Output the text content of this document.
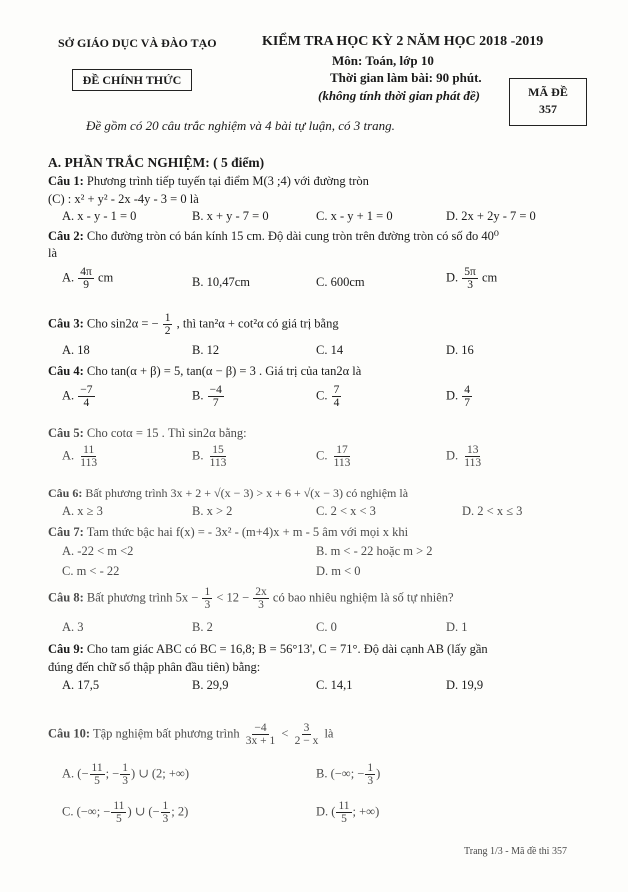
SỞ GIÁO DỤC VÀ ĐÀO TẠO	KIỂM TRA HỌC KỲ 2 NĂM HỌC 2018 -2019
Môn: Toán, lớp 10
ĐỀ CHÍNH THỨC	Thời gian làm bài: 90 phút.
(không tính thời gian phát đề)	MÃ ĐỀ
357
Đề gồm có 20 câu trắc nghiệm và 4 bài tự luận, có 3 trang.
A. PHẦN TRẮC NGHIỆM: ( 5 điểm)
Câu 1: Phương trình tiếp tuyến tại điểm M(3 ;4) với đường tròn
(C) : x² + y² - 2x -4y - 3 = 0 là
A. x - y - 1 = 0	B. x + y - 7 = 0	C. x - y + 1 = 0	D. 2x + 2y - 7 = 0
Câu 2: Cho đường tròn có bán kính 15 cm. Độ dài cung tròn trên đường tròn có số đo 40⁰
là
A. $\frac{4\pi}{9}$ cm	B. 10,47cm	C. 600cm	D. $\frac{5\pi}{3}$ cm
Câu 3: Cho sin2α = − $\frac{1}{2}$ , thì tan²α + cot²α có giá trị bằng
A. 18	B. 12	C. 14	D. 16
Câu 4: Cho tan(α + β) = 5, tan(α − β) = 3 . Giá trị của tan2α là
A. $\frac{-7}{4}$	B. $\frac{-4}{7}$	C. $\frac{7}{4}$	D. $\frac{4}{7}$
Câu 5: Cho cotα = 15 . Thì sin2α bằng:
A. $\frac{11}{113}$	B. $\frac{15}{113}$	C. $\frac{17}{113}$	D. $\frac{13}{113}$
Câu 6: Bất phương trình 3x + 2 + √(x − 3) > x + 6 + √(x − 3) có nghiệm là
A. x ≥ 3	B. x > 2	C. 2 < x < 3	D. 2 < x ≤ 3
Câu 7: Tam thức bậc hai f(x) = - 3x² - (m+4)x + m - 5 âm với mọi x khi
A. -22 < m <2	B. m < - 22 hoặc m > 2
C. m < - 22	D. m < 0
Câu 8: Bất phương trình $5x - \frac{1}{3} < 12 - \frac{2x}{3}$ có bao nhiêu nghiệm là số tự nhiên?
A. 3	B. 2	C. 0	D. 1
Câu 9: Cho tam giác ABC có BC = 16,8; B = 56°13', C = 71°. Độ dài cạnh AB (lấy gần
đúng đến chữ số thập phân đầu tiên) bằng:
A. 17,5	B. 29,9	C. 14,1	D. 19,9
Câu 10: Tập nghiệm bất phương trình $\frac{-4}{3x + 1} < \frac{3}{2 - x}$ là
A. (− $\frac{11}{5}$ ; − $\frac{1}{3}$ ) ∪ (2; +∞)	B. (−∞; − $\frac{1}{3}$ )
C. (−∞; − $\frac{11}{5}$ ) ∪ (− $\frac{1}{3}$ ; 2)	D. ( $\frac{11}{5}$ ; +∞)
Trang 1/3 - Mã đề thi 357
